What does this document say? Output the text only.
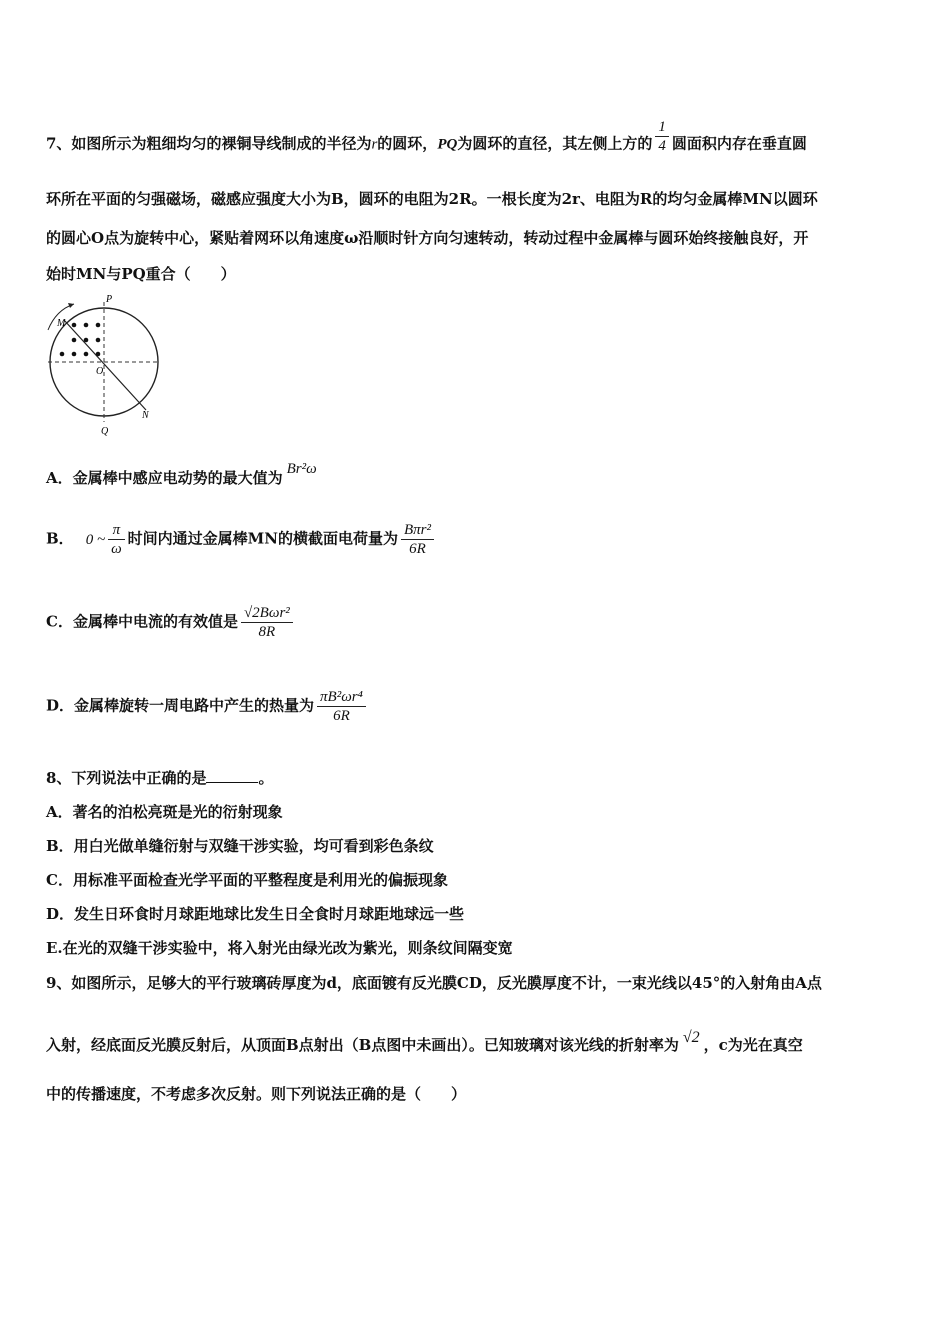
7、如图所示为粗细均匀的裸铜导线制成的半径为r的圆环，PQ为圆环的直径，其左侧上方的 $\frac{1}{4}$ 圆面积内存在垂直圆
环所在平面的匀强磁场，磁感应强度大小为B，圆环的电阻为2R。一根长度为2r、电阻为R的均匀金属棒MN以圆环
的圆心O点为旋转中心，紧贴着网环以角速度ω沿顺时针方向匀速转动，转动过程中金属棒与圆环始终接触良好，开
始时MN与PQ重合（　　）
P
Q
M
N
O
A．金属棒中感应电动势的最大值为 Br²ω
B． 0 ~ $\frac{\pi}{\omega}$ 时间内通过金属棒MN的横截面电荷量为 $\frac{\text{Bπr²}}{6R}$
C．金属棒中电流的有效值是 $\frac{\text{√2Bωr²}}{8R}$
D．金属棒旋转一周电路中产生的热量为 $\frac{\text{πB²ωr⁴}}{6R}$
8、下列说法中正确的是	。
A．著名的泊松亮斑是光的衍射现象
B．用白光做单缝衍射与双缝干涉实验，均可看到彩色条纹
C．用标准平面检查光学平面的平整程度是利用光的偏振现象
D．发生日环食时月球距地球比发生日全食时月球距地球远一些
E.在光的双缝干涉实验中，将入射光由绿光改为紫光，则条纹间隔变宽
9、如图所示，足够大的平行玻璃砖厚度为d，底面镀有反光膜CD，反光膜厚度不计，一束光线以45°的入射角由A点
入射，经底面反光膜反射后，从顶面B点射出（B点图中未画出）。已知玻璃对该光线的折射率为 √2 ，c为光在真空
中的传播速度，不考虑多次反射。则下列说法正确的是（　　）
